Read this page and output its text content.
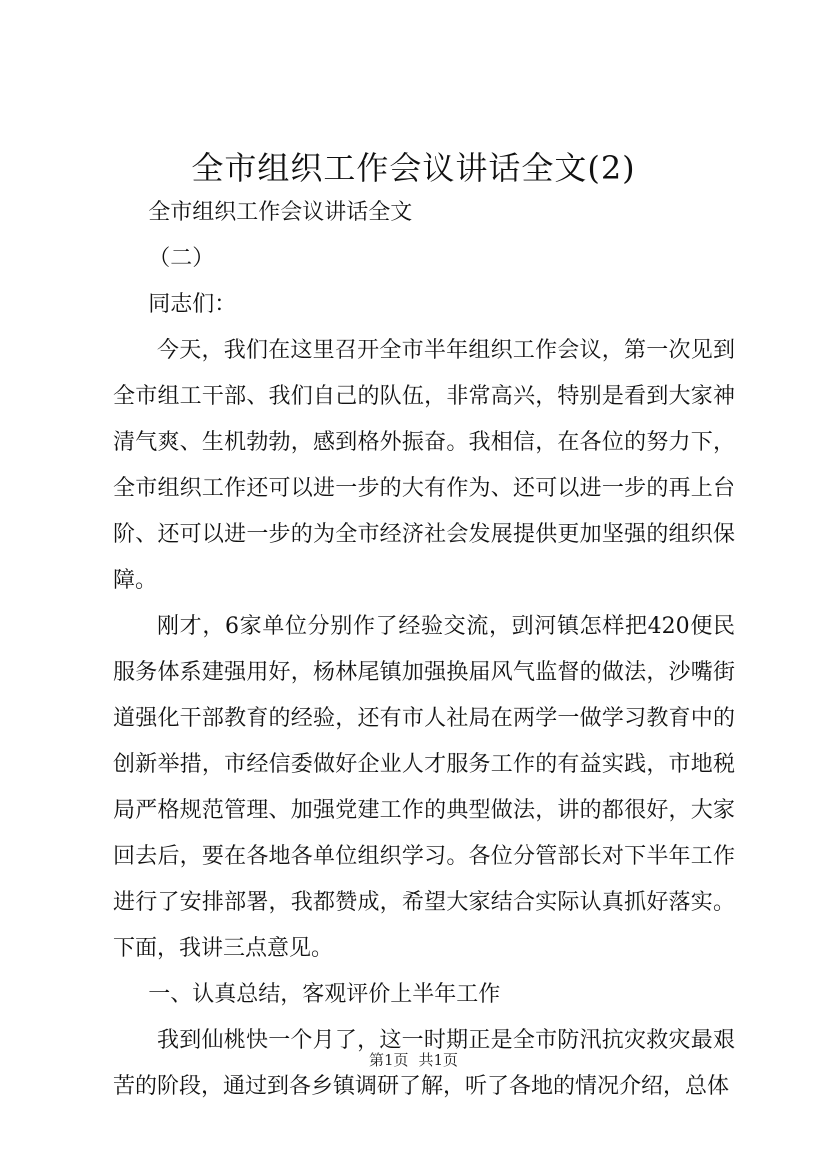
全市组织工作会议讲话全文(2)

全市组织工作会议讲话全文

（二）

同志们：

今天，我们在这里召开全市半年组织工作会议，第一次见到全市组工干部、我们自己的队伍，非常高兴，特别是看到大家神清气爽、生机勃勃，感到格外振奋。我相信，在各位的努力下，全市组织工作还可以进一步的大有作为、还可以进一步的再上台阶、还可以进一步的为全市经济社会发展提供更加坚强的组织保障。

刚才，6家单位分别作了经验交流，剅河镇怎样把420便民服务体系建强用好，杨林尾镇加强换届风气监督的做法，沙嘴街道强化干部教育的经验，还有市人社局在两学一做学习教育中的创新举措，市经信委做好企业人才服务工作的有益实践，市地税局严格规范管理、加强党建工作的典型做法，讲的都很好，大家回去后，要在各地各单位组织学习。各位分管部长对下半年工作进行了安排部署，我都赞成，希望大家结合实际认真抓好落实。下面，我讲三点意见。

一、认真总结，客观评价上半年工作

我到仙桃快一个月了，这一时期正是全市防汛抗灾救灾最艰苦的阶段，通过到各乡镇调研了解，听了各地的情况介绍，总体

第1页 共1页
